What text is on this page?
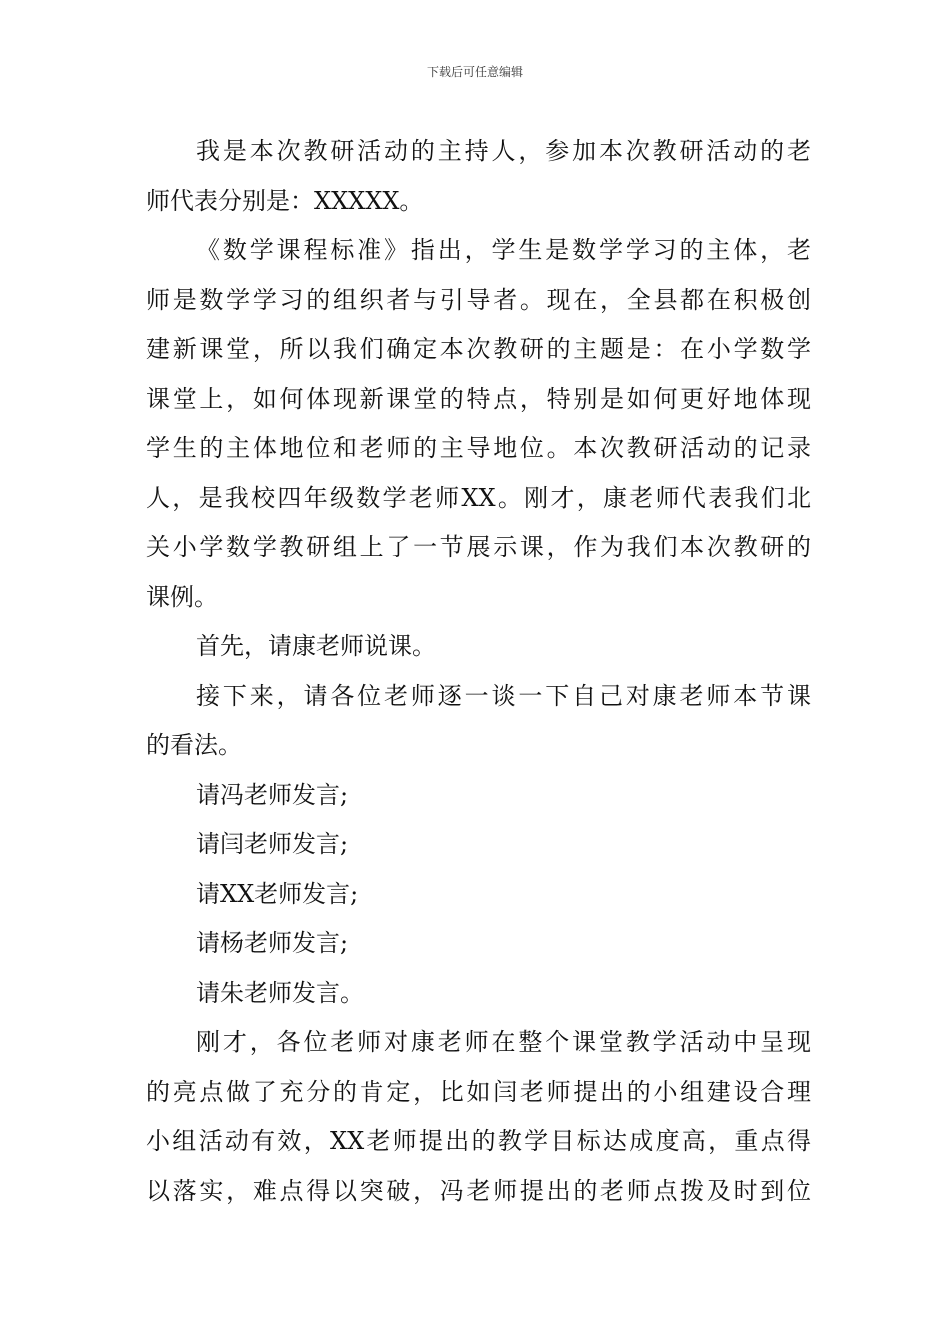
下载后可任意编辑
我是本次教研活动的主持人，参加本次教研活动的老
师代表分别是：XXXXX。
《数学课程标准》指出，学生是数学学习的主体，老
师是数学学习的组织者与引导者。现在，全县都在积极创
建新课堂，所以我们确定本次教研的主题是：在小学数学
课堂上，如何体现新课堂的特点，特别是如何更好地体现
学生的主体地位和老师的主导地位。本次教研活动的记录
人，是我校四年级数学老师XX。刚才，康老师代表我们北
关小学数学教研组上了一节展示课，作为我们本次教研的
课例。
首先，请康老师说课。
接下来，请各位老师逐一谈一下自己对康老师本节课
的看法。
请冯老师发言;
请闫老师发言;
请XX老师发言;
请杨老师发言;
请朱老师发言。
刚才，各位老师对康老师在整个课堂教学活动中呈现
的亮点做了充分的肯定，比如闫老师提出的小组建设合理
小组活动有效，XX老师提出的教学目标达成度高，重点得
以落实，难点得以突破，冯老师提出的老师点拨及时到位
